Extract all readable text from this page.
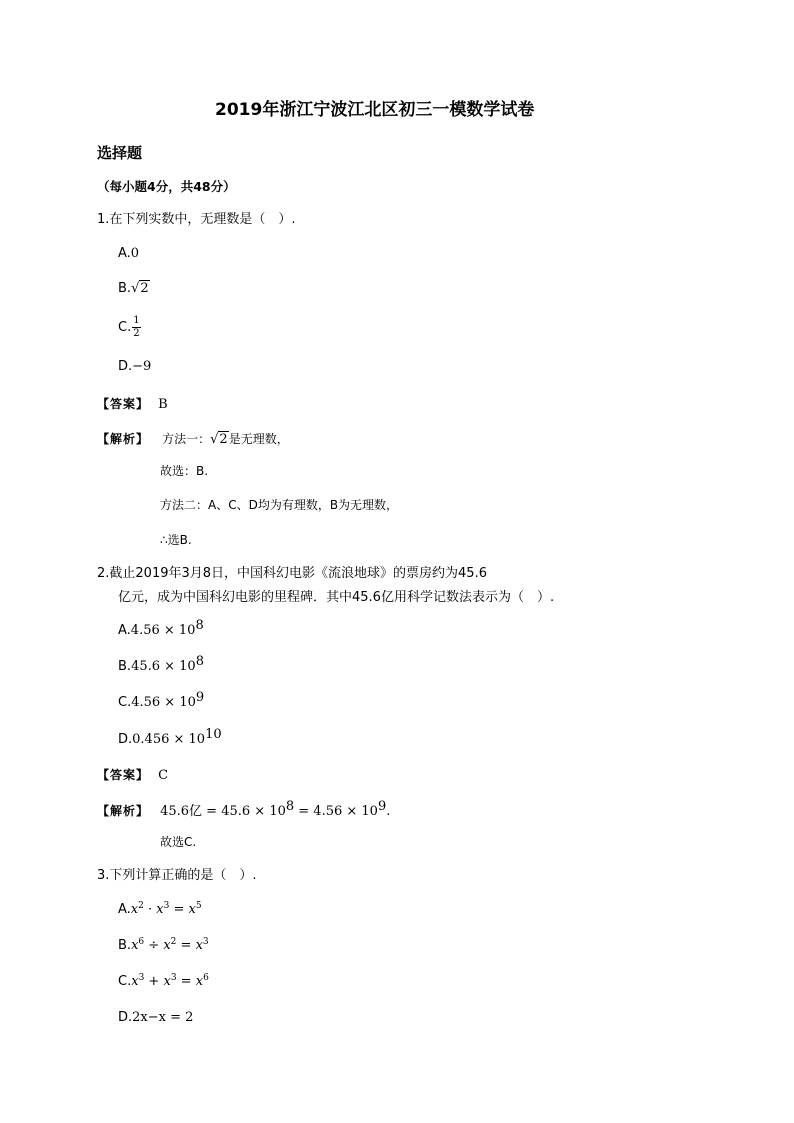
2019年浙江宁波江北区初三一模数学试卷
选择题
（每小题4分，共48分）
1.在下列实数中，无理数是（　）.
A.0
B.√2
C. $\frac{1}{2}$
D.−9
【答案】 B
【解析】 方法一：√2是无理数，
故选：B.
方法二：A、C、D均为有理数，B为无理数，
∴选B.
2.截止2019年3月8日，中国科幻电影《流浪地球》的票房约为45.6
亿元，成为中国科幻电影的里程碑．其中45.6亿用科学记数法表示为（　）.
$A.4.56 \times 10^8$
$B.45.6 \times 10^8$
$C.4.56 \times 10^9$
$D.0.456 \times 10^{10}$
【答案】 C
【解析】 45.6亿 = $45.6 \times 10^8 = 4.56 \times 10^9$.
故选C.
3.下列计算正确的是（　）.
$A.x^2 \cdot x^3 = x^5$
$B.x^6 \div x^2 = x^3$
$C.x^3 + x^3 = x^6$
D.2x−x = 2
